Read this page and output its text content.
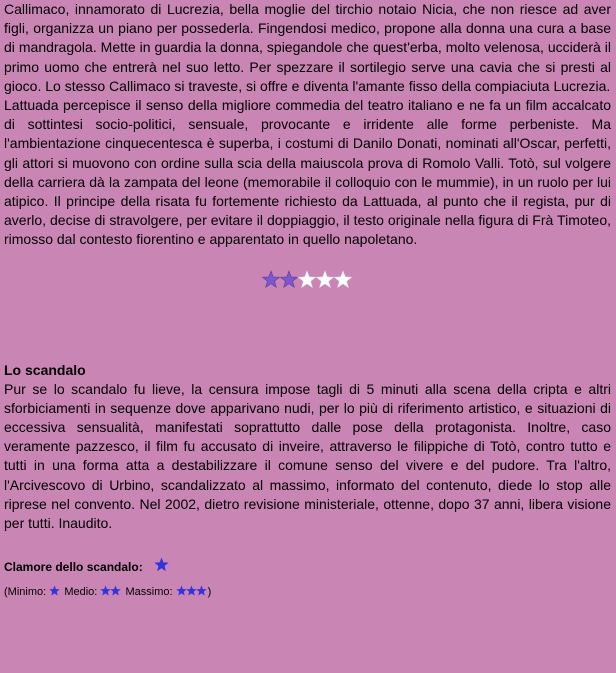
Callimaco, innamorato di Lucrezia, bella moglie del tirchio notaio Nicia, che non riesce ad aver figli, organizza un piano per possederla. Fingendosi medico, propone alla donna una cura a base di mandragola. Mette in guardia la donna, spiegandole che quest'erba, molto velenosa, ucciderà il primo uomo che entrerà nel suo letto. Per spezzare il sortilegio serve una cavia che si presti al gioco. Lo stesso Callimaco si traveste, si offre e diventa l'amante fisso della compiaciuta Lucrezia.

Lattuada percepisce il senso della migliore commedia del teatro italiano e ne fa un film accalcato di sottintesi socio-politici, sensuale, provocante e irridente alle forme perbeniste. Ma l'ambientazione cinquecentesca è superba, i costumi di Danilo Donati, nominati all'Oscar, perfetti, gli attori si muovono con ordine sulla scia della maiuscola prova di Romolo Valli. Totò, sul volgere della carriera dà la zampata del leone (memorabile il colloquio con le mummie), in un ruolo per lui atipico. Il principe della risata fu fortemente richiesto da Lattuada, al punto che il regista, pur di averlo, decise di stravolgere, per evitare il doppiaggio, il testo originale nella figura di Frà Timoteo, rimosso dal contesto fiorentino e apparentato in quello napoletano.

Lo scandalo

Pur se lo scandalo fu lieve, la censura impose tagli di 5 minuti alla scena della cripta e altri sforbiciamenti in sequenze dove apparivano nudi, per lo più di riferimento artistico, e situazioni di eccessiva sensualità, manifestati soprattutto dalle pose della protagonista. Inoltre, caso veramente pazzesco, il film fu accusato di inveire, attraverso le filippiche di Totò, contro tutto e tutti in una forma atta a destabilizzare il comune senso del vivere e del pudore. Tra l'altro, l'Arcivescovo di Urbino, scandalizzato al massimo, informato del contenuto, diede lo stop alle riprese nel convento. Nel 2002, dietro revisione ministeriale, ottenne, dopo 37 anni, libera visione per tutti. Inaudito.

Clamore dello scandalo:
(Minimo: Medio:	Massimo:	)
